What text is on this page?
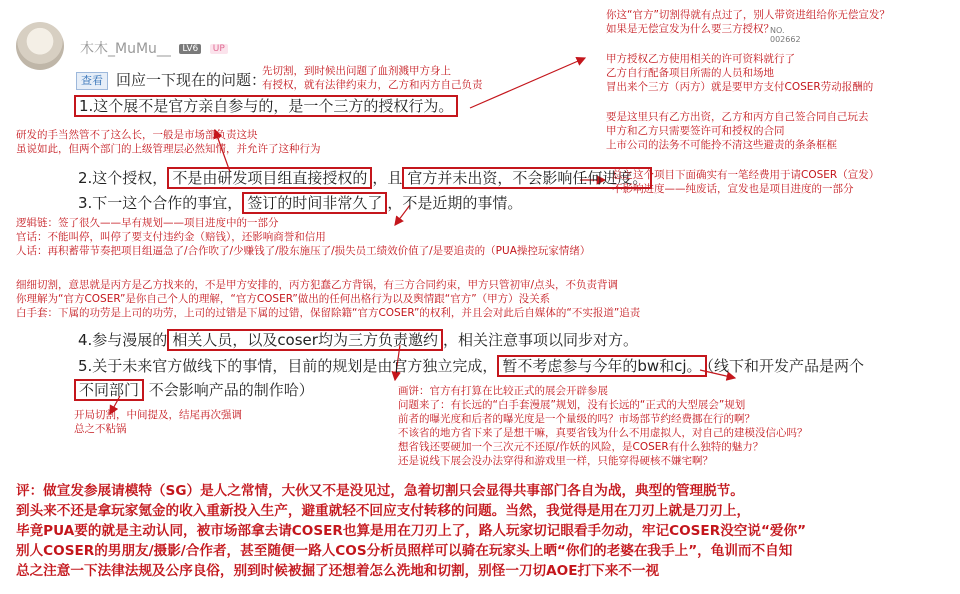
木木_MuMu__ LV6 UP
查看 回应一下现在的问题：
先切割，到时候出问题了血剂溅甲方身上
有授权，就有法律约束力，乙方和丙方自己负责
1.这个展不是官方亲自参与的，是一个三方的授权行为。
研发的手当然管不了这么长，一般是市场部负责这块
虽说如此，但两个部门的上级管理层必然知情，并允许了这种行为
2.这个授权， 不是由研发项目组直接授权的 ，且 官方并未出资，不会影响任何进度。
3.下一这个合作的事宜， 签订的时间非常久了 ，不是近期的事情。
逻辑链：签了很久——早有规划——项目进度中的一部分
官话：不能叫停，叫停了要支付违约金（赔钱），还影响商誉和信用
人话：再积蓄带节奏把项目组逼急了/合作吹了/少赚钱了/股东施压了/损失员工绩效价值了/是要追责的（PUA操控玩家情绪）
细细切割，意思就是丙方是乙方找来的，不是甲方安排的，丙方犯蠢乙方背锅，有三方合同约束，甲方只管初审/点头，不负责背调
你理解为“官方COSER”是你自己个人的理解，“官方COSER”做出的任何出格行为以及舆情跟“官方”（甲方）没关系
白手套：下属的功劳是上司的功劳，上司的过错是下属的过错，保留除籍“官方COSER”的权利，并且会对此后自媒体的“不实报道”追责
4.参与漫展的 相关人员，以及coser均为三方负责邀约 ，相关注意事项以同步对方。
5.关于未来官方做线下的事情，目前的规划是由官方独立完成， 暂不考虑参与今年的bw和cj。 （线下和开发产品是两个
不同部门 不会影响产品的制作哈）
开局切割，中间提及，结尾再次强调
总之不粘锅
画饼：官方有打算在比较正式的展会开辟参展
问题来了：有长远的“白手套漫展”规划，没有长远的“正式的大型展会”规划
前者的曝光度和后者的曝光度是一个量级的吗？市场部节约经费挪在行的啊？
不该省的地方省下来了是想干嘛，真要省钱为什么不用虚拟人，对自己的建模没信心吗？
想省钱还要硬加一个三次元不还原/作妖的风险，是COSER有什么独特的魅力？
还是说线下展会没办法穿得和游戏里一样，只能穿得硬核不嫌宅啊？
你这“官方”切割得就有点过了，别人带资进组给你无偿宣发？
如果是无偿宣发为什么要三方授权？
NO.
002662
甲方授权乙方使用相关的许可资料就行了
乙方自行配备项目所需的人员和场地
冒出来个三方（丙方）就是要甲方支付COSER劳动报酬的
要是这里只有乙方出资，乙方和丙方自己签合同自己玩去
甲方和乙方只需要签许可和授权的合同
上市公司的法务不可能拎不清这些避责的条条框框
总之这个项目下面确实有一笔经费用于请COSER（宣发）
不影响进度——纯废话，宣发也是项目进度的一部分
评：做宣发参展请模特（SG）是人之常情，大伙又不是没见过，急着切割只会显得共事部门各自为战，典型的管理脱节。
到头来不还是拿玩家氪金的收入重新投入生产，避重就轻不回应支付转移的问题。当然，我觉得是用在刀刃上就是刀刃上，
毕竟PUA要的就是主动认同，被市场部拿去请COSER也算是用在刀刃上了，路人玩家切记眼看手勿动，牢记COSER没空说“爱你”
别人COSER的男朋友/摄影/合作者，甚至随便一路人COS分析员照样可以骑在玩家头上晒“你们的老婆在我手上”，龟训而不自知
总之注意一下法律法规及公序良俗，别到时候被掘了还想着怎么洗地和切割，别怪一刀切AOE打下来不一视
